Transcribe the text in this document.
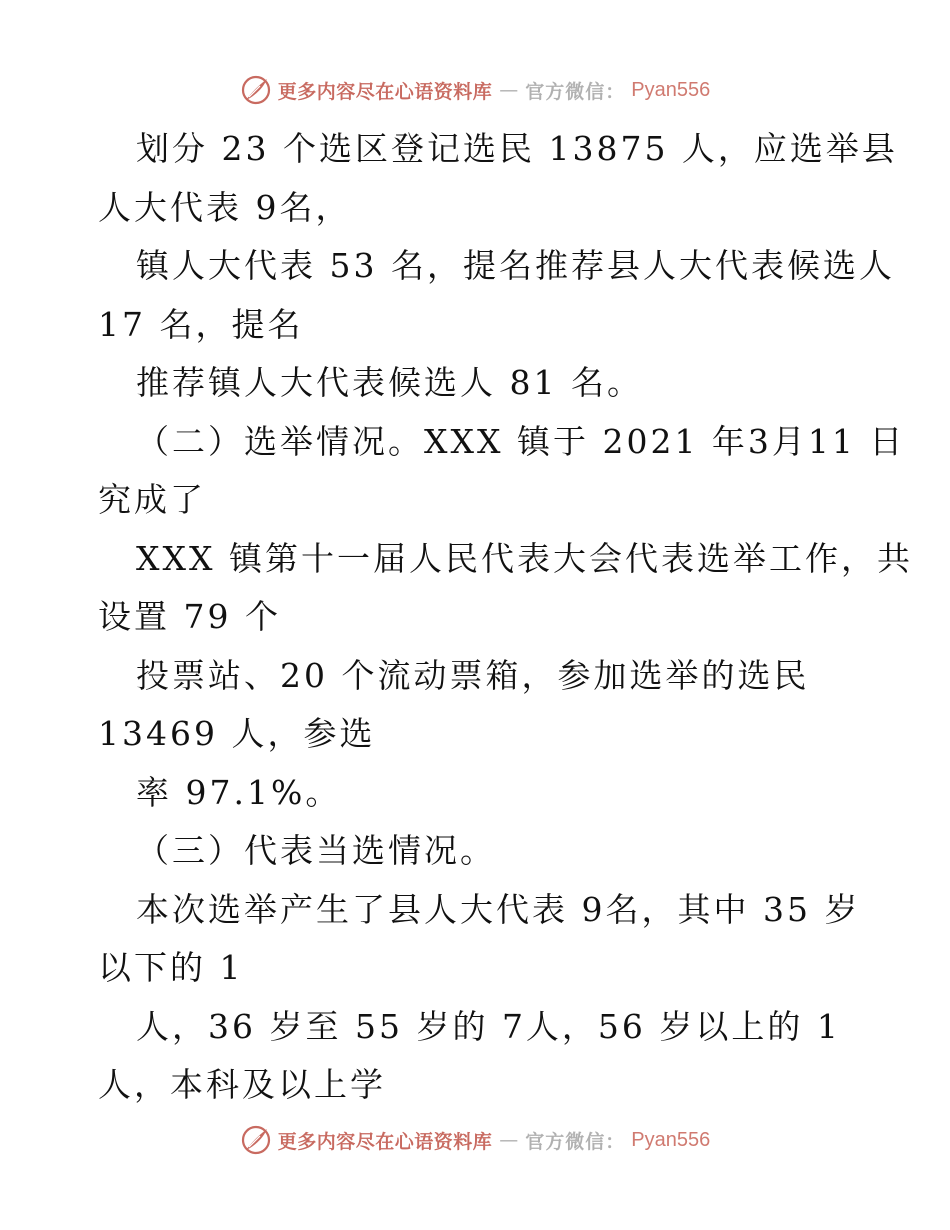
更多内容尽在心语资料库 — 官方微信： Pyan556
划分 23 个选区登记选民 13875 人，应选举县
人大代表 9名，
镇人大代表 53 名，提名推荐县人大代表候选人
17 名，提名
推荐镇人大代表候选人 81 名。
（二）选举情况。XXX 镇于 2021 年3月11 日
究成了
XXX 镇第十一届人民代表大会代表选举工作，共
设置 79 个
投票站、20 个流动票箱，参加选举的选民
13469 人，参选
率 97.1%。
（三）代表当选情况。
本次选举产生了县人大代表 9名，其中 35 岁
以下的 1
人，36 岁至 55 岁的 7人，56 岁以上的 1
人，本科及以上学
更多内容尽在心语资料库 — 官方微信： Pyan556
